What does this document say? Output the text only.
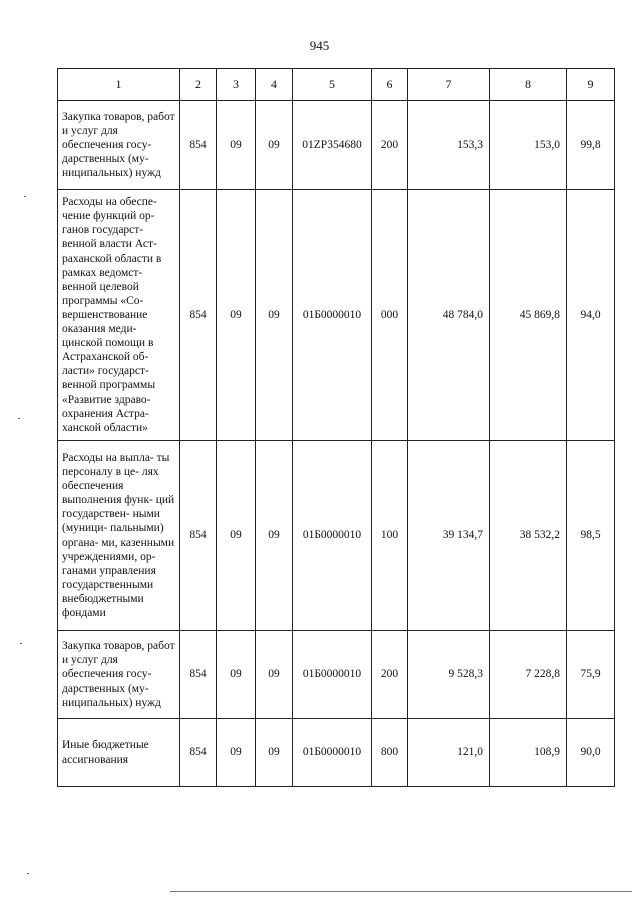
945
1	2	3	4	5	6	7	8	9
Закупка товаров, работ и услуг для обеспечения госу- дарственных (му- ниципальных) нужд	854	09	09	01ZP354680	200	153,3	153,0	99,8
Расходы на обеспе- чение функций ор- ганов государст- венной власти Аст- раханской области в рамках ведомст- венной целевой программы «Со- вершенствование оказания меди- цинской помощи в Астраханской об- ласти» государст- венной программы «Развитие здраво- охранения Астра- ханской области»	854	09	09	01Б0000010	000	48 784,0	45 869,8	94,0
Расходы на выпла- ты персоналу в це- лях обеспечения выполнения функ- ций государствен- ными (муници- пальными) органа- ми, казенными учреждениями, ор- ганами управления государственными внебюджетными фондами	854	09	09	01Б0000010	100	39 134,7	38 532,2	98,5
Закупка товаров, работ и услуг для обеспечения госу- дарственных (му- ниципальных) нужд	854	09	09	01Б0000010	200	9 528,3	7 228,8	75,9
Иные бюджетные ассигнования	854	09	09	01Б0000010	800	121,0	108,9	90,0
